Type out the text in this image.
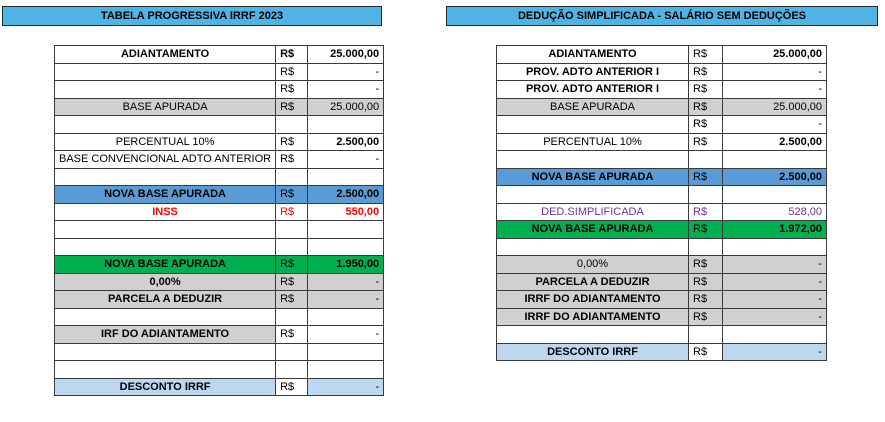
TABELA PROGRESSIVA IRRF 2023	DEDUÇÃO SIMPLIFICADA - SALÁRIO SEM DEDUÇÕES
ADIANTAMENTO	R$	25.000,00
	R$	-
	R$	-
BASE APURADA	R$	25.000,00

PERCENTUAL 10%	R$	2.500,00
BASE CONVENCIONAL ADTO ANTERIOR	R$	-

NOVA BASE APURADA	R$	2.500,00
INSS	R$	550,00

NOVA BASE APURADA	R$	1.950,00
0,00%	R$	-
PARCELA A DEDUZIR	R$	-

IRF DO ADIANTAMENTO	R$	-

DESCONTO IRRF	R$	-
ADIANTAMENTO	R$	25.000,00
PROV. ADTO ANTERIOR I	R$	-
PROV. ADTO ANTERIOR I	R$	-
BASE APURADA	R$	25.000,00
	R$	-
PERCENTUAL 10%	R$	2.500,00

NOVA BASE APURADA	R$	2.500,00

DED.SIMPLIFICADA	R$	528,00
NOVA BASE APURADA	R$	1.972,00

0,00%	R$	-
PARCELA A DEDUZIR	R$	-
IRRF DO ADIANTAMENTO	R$	-
IRRF DO ADIANTAMENTO	R$	-

DESCONTO IRRF	R$	-
